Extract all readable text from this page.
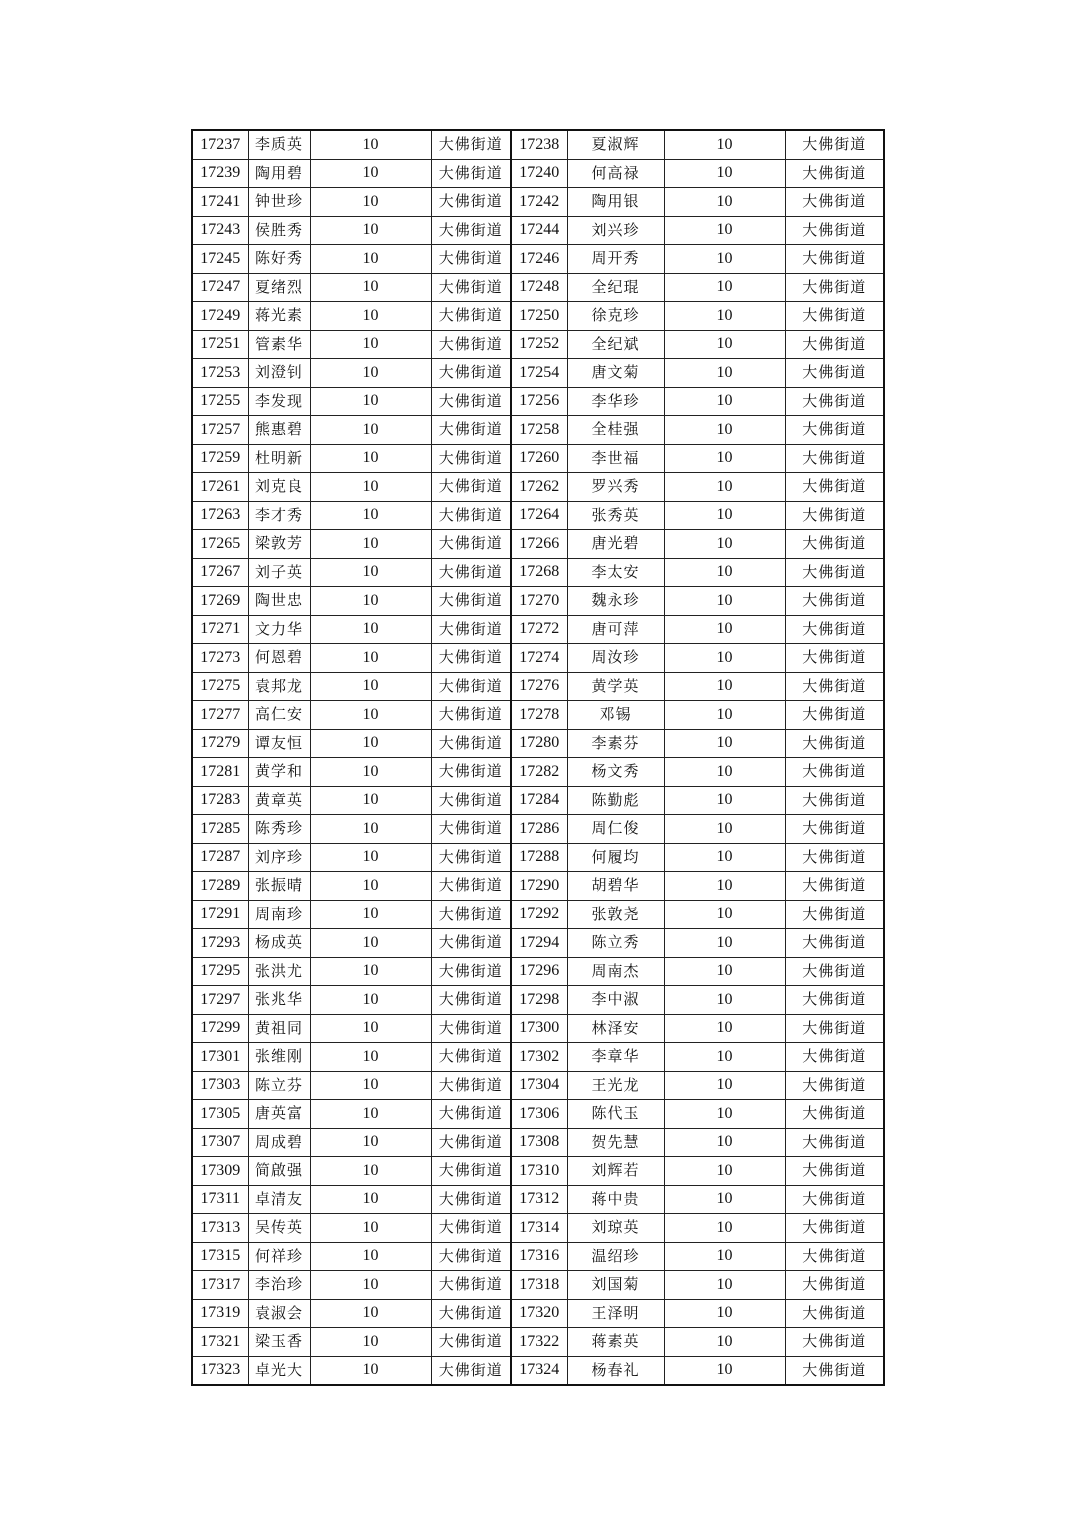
17237	李质英	10	大佛街道	17238	夏淑辉	10	大佛街道
17239	陶用碧	10	大佛街道	17240	何高禄	10	大佛街道
17241	钟世珍	10	大佛街道	17242	陶用银	10	大佛街道
17243	侯胜秀	10	大佛街道	17244	刘兴珍	10	大佛街道
17245	陈好秀	10	大佛街道	17246	周开秀	10	大佛街道
17247	夏绪烈	10	大佛街道	17248	全纪琨	10	大佛街道
17249	蒋光素	10	大佛街道	17250	徐克珍	10	大佛街道
17251	管素华	10	大佛街道	17252	全纪斌	10	大佛街道
17253	刘澄钊	10	大佛街道	17254	唐文菊	10	大佛街道
17255	李发现	10	大佛街道	17256	李华珍	10	大佛街道
17257	熊惠碧	10	大佛街道	17258	全桂强	10	大佛街道
17259	杜明新	10	大佛街道	17260	李世福	10	大佛街道
17261	刘克良	10	大佛街道	17262	罗兴秀	10	大佛街道
17263	李才秀	10	大佛街道	17264	张秀英	10	大佛街道
17265	梁敦芳	10	大佛街道	17266	唐光碧	10	大佛街道
17267	刘子英	10	大佛街道	17268	李太安	10	大佛街道
17269	陶世忠	10	大佛街道	17270	魏永珍	10	大佛街道
17271	文力华	10	大佛街道	17272	唐可萍	10	大佛街道
17273	何恩碧	10	大佛街道	17274	周汝珍	10	大佛街道
17275	袁邦龙	10	大佛街道	17276	黄学英	10	大佛街道
17277	高仁安	10	大佛街道	17278	邓锡	10	大佛街道
17279	谭友恒	10	大佛街道	17280	李素芬	10	大佛街道
17281	黄学和	10	大佛街道	17282	杨文秀	10	大佛街道
17283	黄章英	10	大佛街道	17284	陈勤彪	10	大佛街道
17285	陈秀珍	10	大佛街道	17286	周仁俊	10	大佛街道
17287	刘序珍	10	大佛街道	17288	何履均	10	大佛街道
17289	张振晴	10	大佛街道	17290	胡碧华	10	大佛街道
17291	周南珍	10	大佛街道	17292	张敦尧	10	大佛街道
17293	杨成英	10	大佛街道	17294	陈立秀	10	大佛街道
17295	张洪尤	10	大佛街道	17296	周南杰	10	大佛街道
17297	张兆华	10	大佛街道	17298	李中淑	10	大佛街道
17299	黄祖同	10	大佛街道	17300	林泽安	10	大佛街道
17301	张维刚	10	大佛街道	17302	李章华	10	大佛街道
17303	陈立芬	10	大佛街道	17304	王光龙	10	大佛街道
17305	唐英富	10	大佛街道	17306	陈代玉	10	大佛街道
17307	周成碧	10	大佛街道	17308	贺先慧	10	大佛街道
17309	简啟强	10	大佛街道	17310	刘辉若	10	大佛街道
17311	卓清友	10	大佛街道	17312	蒋中贵	10	大佛街道
17313	吴传英	10	大佛街道	17314	刘琼英	10	大佛街道
17315	何祥珍	10	大佛街道	17316	温绍珍	10	大佛街道
17317	李治珍	10	大佛街道	17318	刘国菊	10	大佛街道
17319	袁淑会	10	大佛街道	17320	王泽明	10	大佛街道
17321	梁玉香	10	大佛街道	17322	蒋素英	10	大佛街道
17323	卓光大	10	大佛街道	17324	杨春礼	10	大佛街道
